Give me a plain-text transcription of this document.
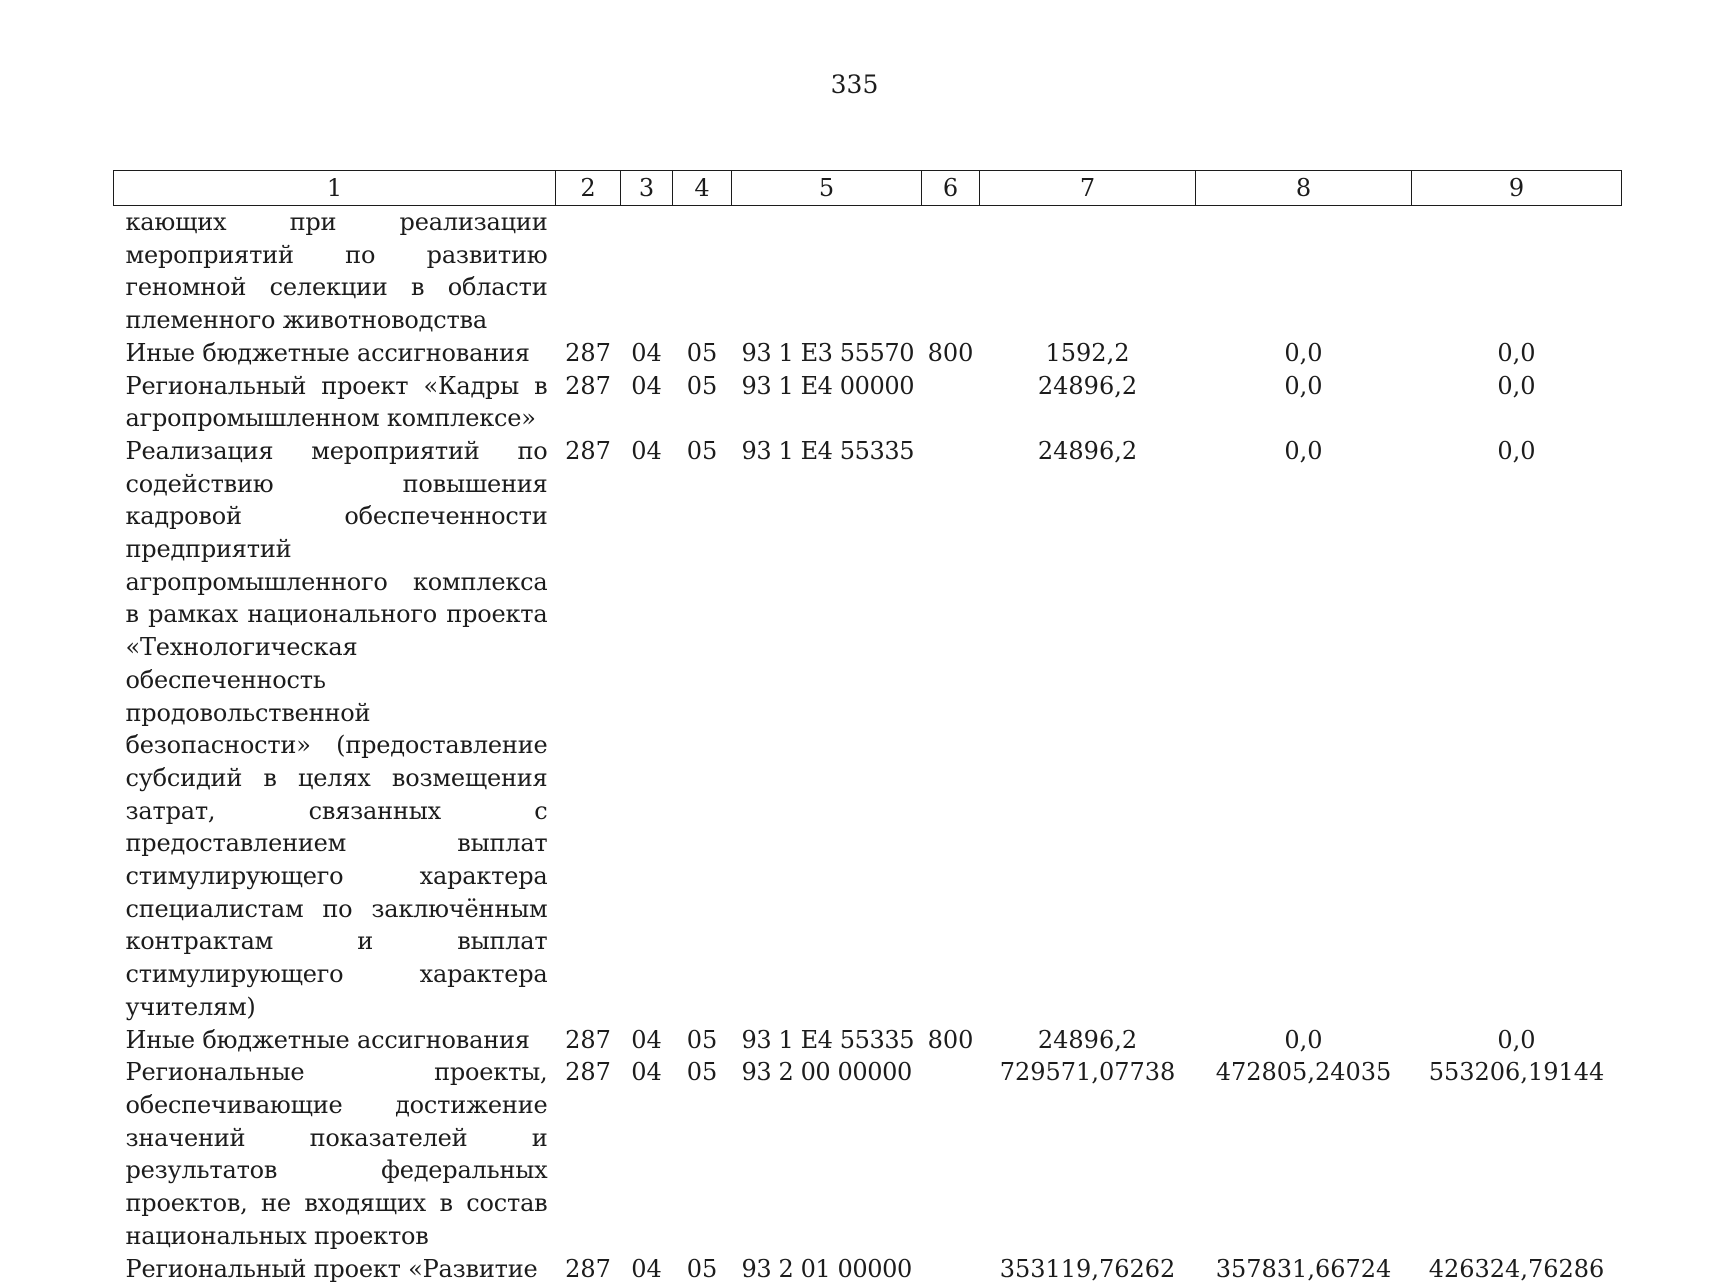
335
1	2	3	4	5	6	7	8	9
кающих при реализации мероприятий по развитию геномной селекции в области племенного животноводства								
Иные бюджетные ассигнования	287	04	05	93 1 E3 55570	800	1592,2	0,0	0,0
Региональный проект «Кадры в агропромышленном комплексе»	287	04	05	93 1 E4 00000		24896,2	0,0	0,0
Реализация мероприятий по содействию повышения кадровой обеспеченности предприятий агропромышленного комплекса в рамках национального проекта «Технологическая обеспеченность продовольственной безопасности» (предоставление субсидий в целях возмещения затрат, связанных с предоставлением выплат стимулирующего характера специалистам по заключённым контрактам и выплат стимулирующего характера учителям)	287	04	05	93 1 E4 55335		24896,2	0,0	0,0
Иные бюджетные ассигнования	287	04	05	93 1 E4 55335	800	24896,2	0,0	0,0
Региональные проекты, обеспечивающие достижение значений показателей и результатов федеральных проектов, не входящих в состав национальных проектов	287	04	05	93 2 00 00000		729571,07738	472805,24035	553206,19144
Региональный проект «Развитие	287	04	05	93 2 01 00000		353119,76262	357831,66724	426324,76286
